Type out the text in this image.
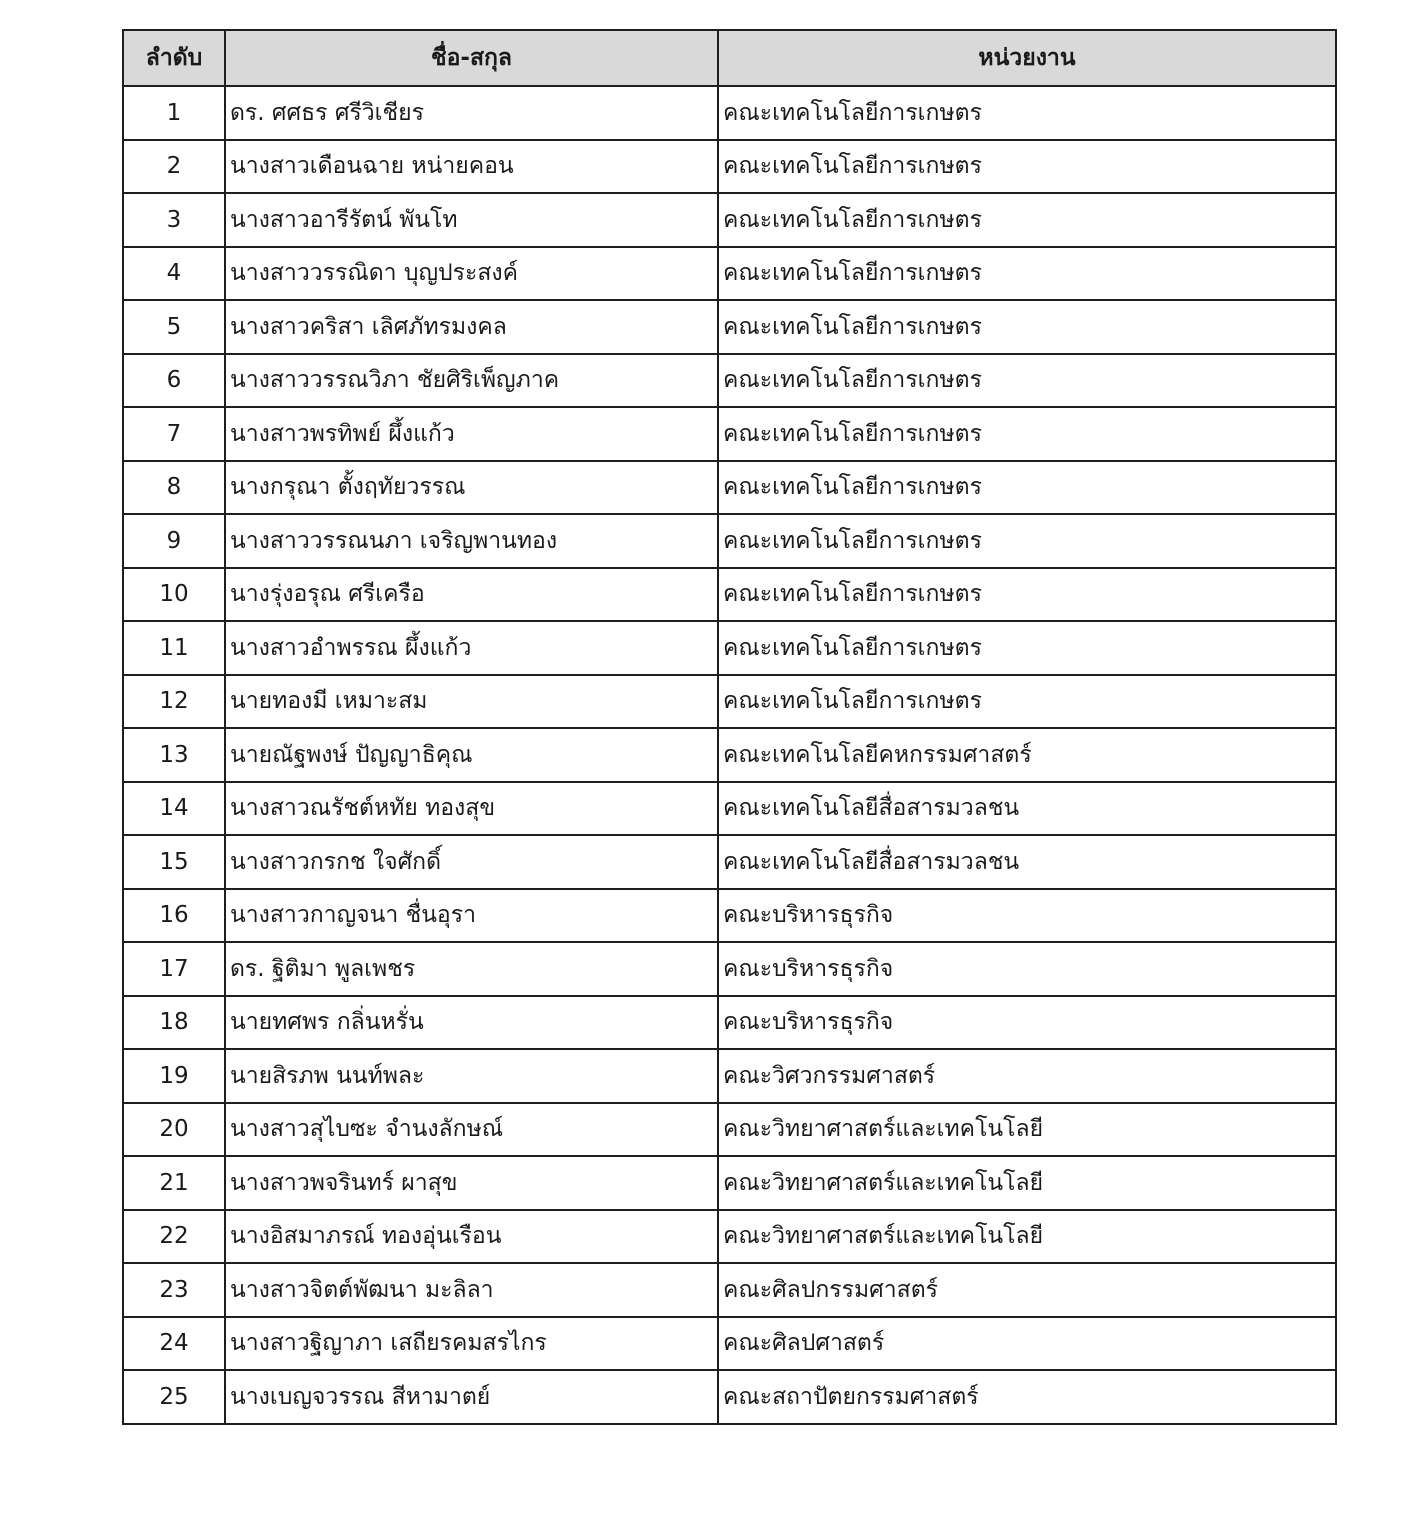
ลำดับ	ชื่อ-สกุล	หน่วยงาน
1	ดร. ศศธร ศรีวิเชียร	คณะเทคโนโลยีการเกษตร
2	นางสาวเดือนฉาย หน่ายคอน	คณะเทคโนโลยีการเกษตร
3	นางสาวอารีรัตน์ พันโท	คณะเทคโนโลยีการเกษตร
4	นางสาววรรณิดา บุญประสงค์	คณะเทคโนโลยีการเกษตร
5	นางสาวคริสา เลิศภัทรมงคล	คณะเทคโนโลยีการเกษตร
6	นางสาววรรณวิภา ชัยศิริเพ็ญภาค	คณะเทคโนโลยีการเกษตร
7	นางสาวพรทิพย์ ผึ้งแก้ว	คณะเทคโนโลยีการเกษตร
8	นางกรุณา ตั้งฤทัยวรรณ	คณะเทคโนโลยีการเกษตร
9	นางสาววรรณนภา เจริญพานทอง	คณะเทคโนโลยีการเกษตร
10	นางรุ่งอรุณ ศรีเครือ	คณะเทคโนโลยีการเกษตร
11	นางสาวอำพรรณ ผึ้งแก้ว	คณะเทคโนโลยีการเกษตร
12	นายทองมี เหมาะสม	คณะเทคโนโลยีการเกษตร
13	นายณัฐพงษ์ ปัญญาธิคุณ	คณะเทคโนโลยีคหกรรมศาสตร์
14	นางสาวณรัชต์หทัย ทองสุข	คณะเทคโนโลยีสื่อสารมวลชน
15	นางสาวกรกช ใจศักดิ์	คณะเทคโนโลยีสื่อสารมวลชน
16	นางสาวกาญจนา ชื่นอุรา	คณะบริหารธุรกิจ
17	ดร. ฐิติมา พูลเพชร	คณะบริหารธุรกิจ
18	นายทศพร กลิ่นหรั่น	คณะบริหารธุรกิจ
19	นายสิรภพ นนท์พละ	คณะวิศวกรรมศาสตร์
20	นางสาวสุไบซะ จำนงลักษณ์	คณะวิทยาศาสตร์และเทคโนโลยี
21	นางสาวพจรินทร์ ผาสุข	คณะวิทยาศาสตร์และเทคโนโลยี
22	นางอิสมาภรณ์ ทองอุ่นเรือน	คณะวิทยาศาสตร์และเทคโนโลยี
23	นางสาวจิตต์พัฒนา มะลิลา	คณะศิลปกรรมศาสตร์
24	นางสาวฐิญาภา เสถียรคมสรไกร	คณะศิลปศาสตร์
25	นางเบญจวรรณ สีหามาตย์	คณะสถาปัตยกรรมศาสตร์
